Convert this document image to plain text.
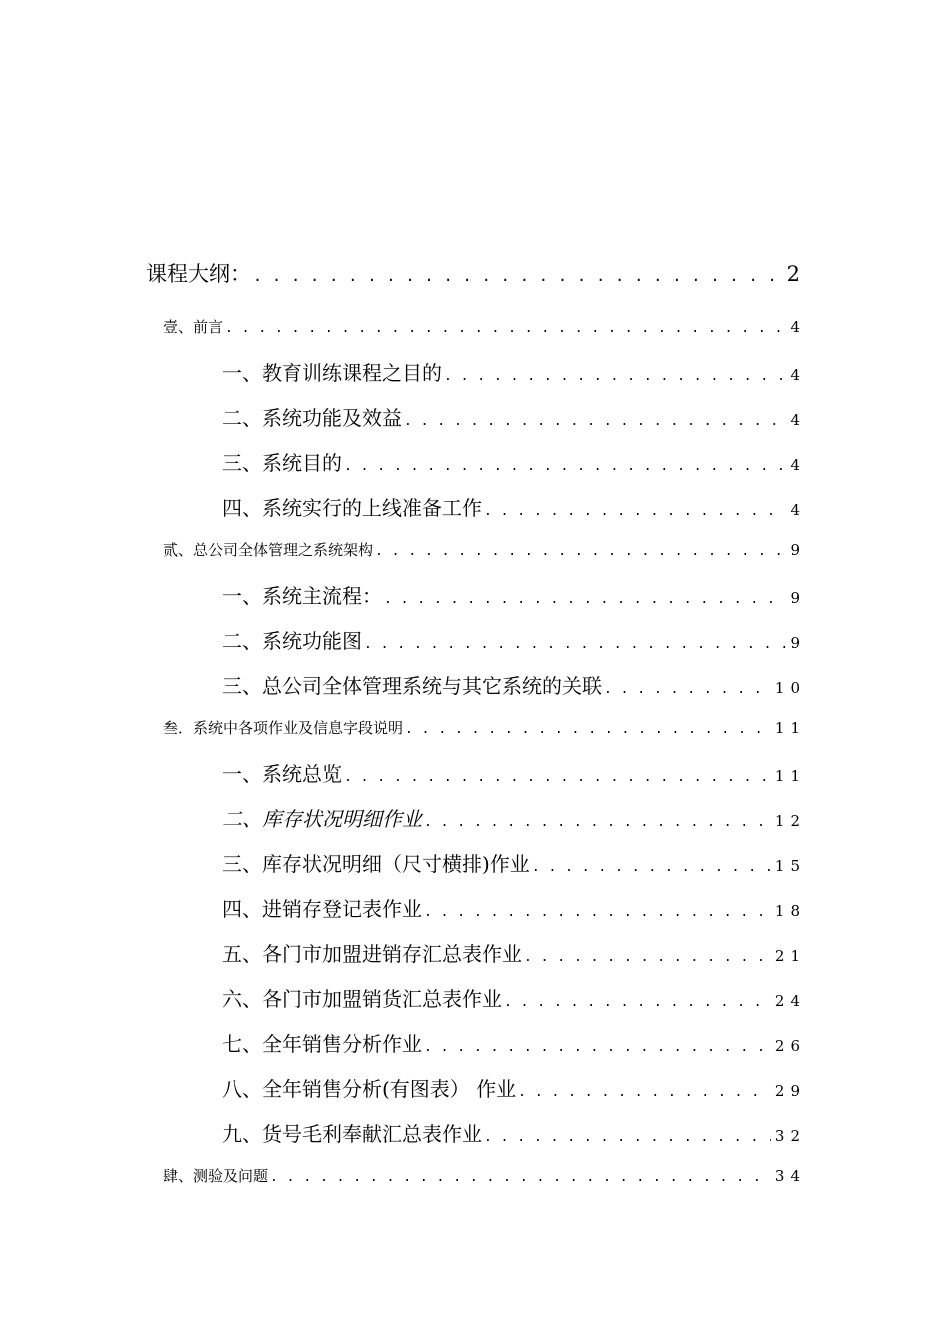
课程大纲： . . .	2
壹、前言 . . .	4
一、教育训练课程之目的 . . .	4
二、系统功能及效益 . . .	4
三、系统目的 . . .	4
四、系统实行的上线准备工作 . . .	4
贰、总公司全体管理之系统架构 . . .	9
一、系统主流程： . . .	9
二、系统功能图 . . .	9
三、总公司全体管理系统与其它系统的关联 . . .	10
叁．系统中各项作业及信息字段说明 . . .	11
一、系统总览 . . .	11
二、库存状况明细作业 . . .	12
三、库存状况明细（尺寸横排)作业 . . .	15
四、进销存登记表作业 . . .	18
五、各门市加盟进销存汇总表作业 . . .	21
六、各门市加盟销货汇总表作业 . . .	24
七、全年销售分析作业 . . .	26
八、全年销售分析(有图表） 作业 . . .	29
九、货号毛利奉献汇总表作业 . . .	32
肆、测验及问题 . . .	34
